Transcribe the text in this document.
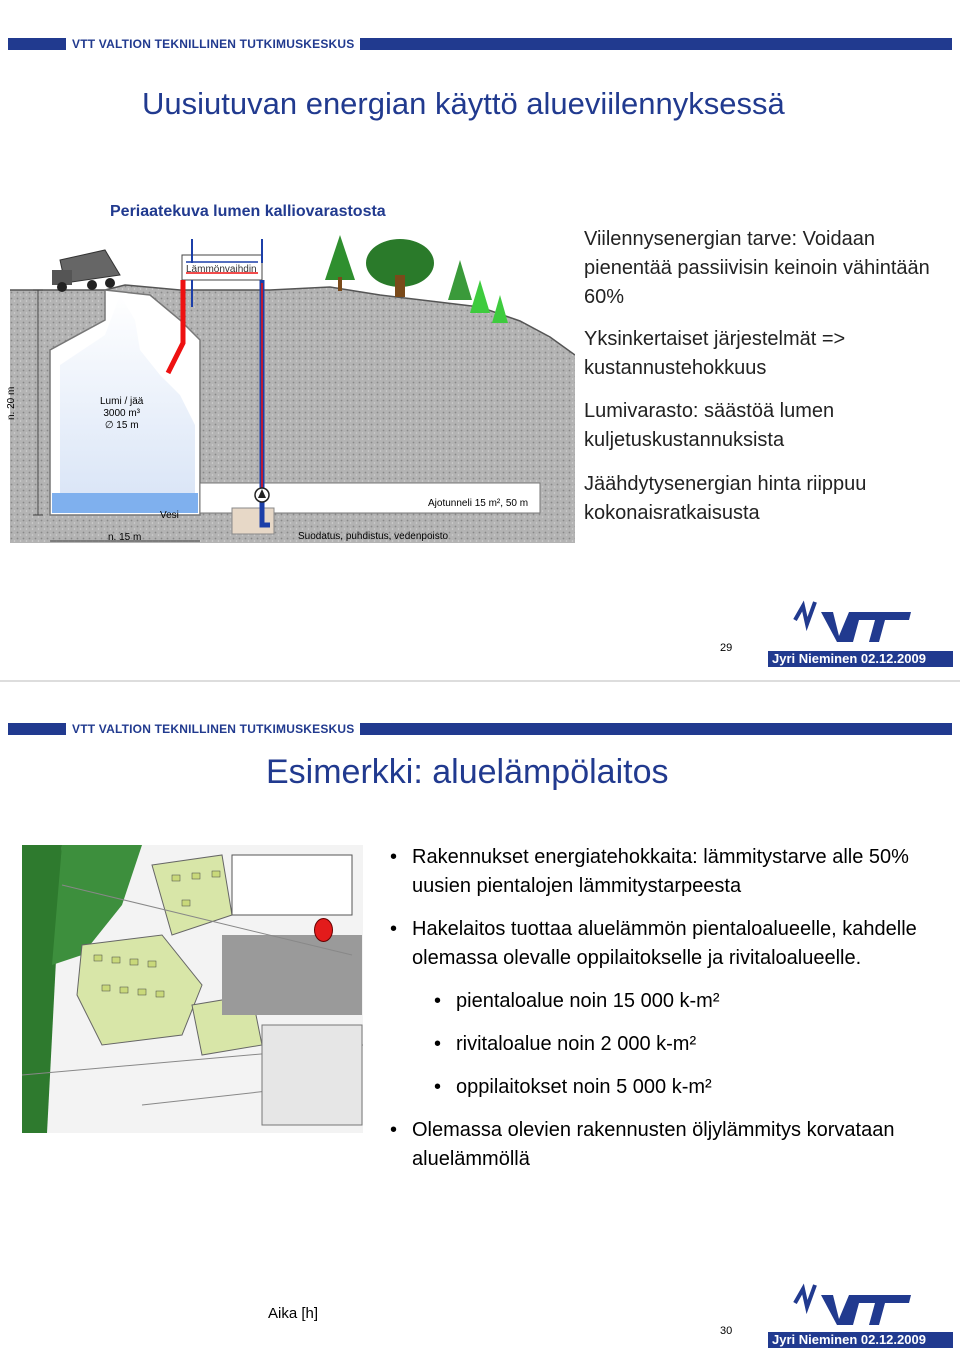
VTT VALTION TEKNILLINEN TUTKIMUSKESKUS
Uusiutuvan energian käyttö alueviilennyksessä
Periaatekuva lumen kalliovarastosta
Lämmönvaihdin
n. 20 m
n. 15 m
Lumi / jää
3000 m³
∅ 15 m
Vesi
Ajotunneli 15 m², 50 m
Suodatus, puhdistus, vedenpoisto
Viilennysenergian tarve: Voidaan pienentää passiivisin keinoin vähintään 60%
Yksinkertaiset järjestelmät => kustannustehokkuus
Lumivarasto: säästöä lumen kuljetuskustannuksista
Jäähdytysenergian hinta riippuu kokonaisratkaisusta
29
Jyri Nieminen 02.12.2009
VTT VALTION TEKNILLINEN TUTKIMUSKESKUS
Esimerkki: aluelämpölaitos
• Rakennukset energiatehokkaita: lämmitystarve alle 50% uusien pientalojen lämmitystarpeesta
• Hakelaitos tuottaa aluelämmön pientaloalueelle, kahdelle olemassa olevalle oppilaitokselle ja rivitaloalueelle.
• pientaloalue noin 15 000 k-m²
• rivitaloalue noin 2 000 k-m²
• oppilaitokset noin 5 000 k-m²
• Olemassa olevien rakennusten öljylämmitys korvataan aluelämmöllä
Aika [h]
30
Jyri Nieminen 02.12.2009
